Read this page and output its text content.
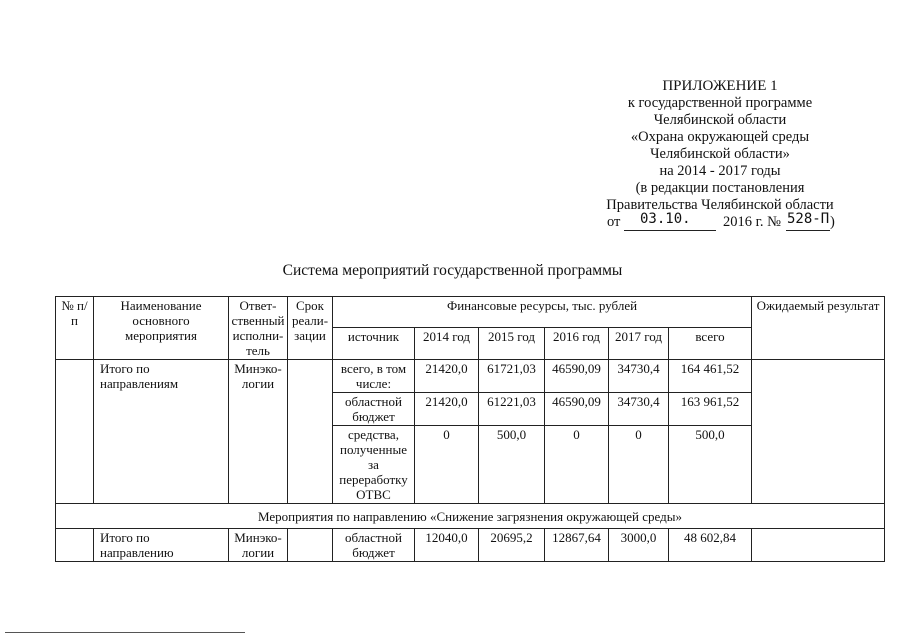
ПРИЛОЖЕНИЕ 1
к государственной программе
Челябинской области
«Охрана окружающей среды
Челябинской области»
на 2014 - 2017 годы
(в редакции постановления
Правительства Челябинской области
от 03.10. 2016 г. № 528-П )
Система мероприятий государственной программы
№ п/п	Наименование основного мероприятия	Ответ-ственный исполни-тель	Срок реали-зации	Финансовые ресурсы, тыс. рублей						Ожидаемый результат
				источник	2014 год	2015 год	2016 год	2017 год	всего	
	Итого по направлениям	Минэко-логии		всего, в том числе:	21420,0	61721,03	46590,09	34730,4	164 461,52	
				областной бюджет	21420,0	61221,03	46590,09	34730,4	163 961,52	
				средства, полученные за переработку ОТВС	0	500,0	0	0	500,0	
Мероприятия по направлению «Снижение загрязнения окружающей среды»										
	Итого по направлению	Минэко-логии		областной бюджет	12040,0	20695,2	12867,64	3000,0	48 602,84	
